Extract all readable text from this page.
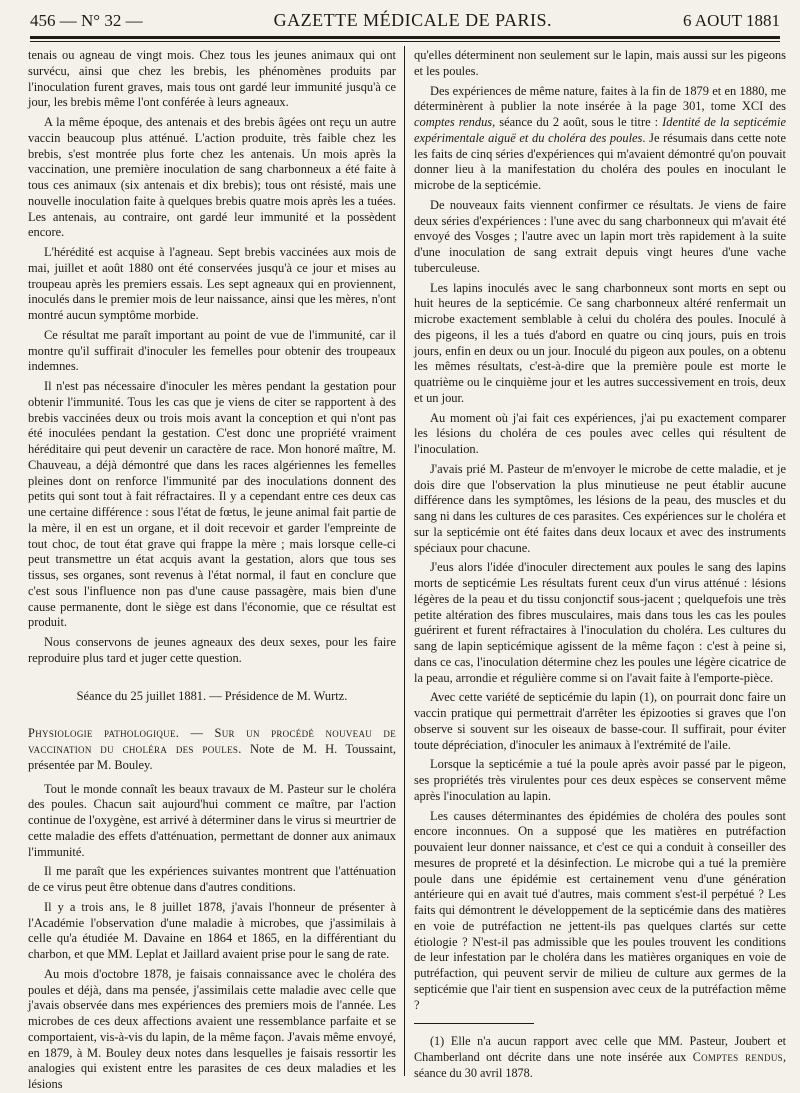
456 — N° 32 —	GAZETTE MÉDICALE DE PARIS.	6 AOUT 1881

tenais ou agneau de vingt mois. Chez tous les jeunes animaux qui ont survécu, ainsi que chez les brebis, les phénomènes produits par l'inoculation furent graves, mais tous ont gardé leur immunité jusqu'à ce jour, les brebis même l'ont conférée à leurs agneaux.

A la même époque, des antenais et des brebis âgées ont reçu un autre vaccin beaucoup plus atténué. L'action produite, très faible chez les brebis, s'est montrée plus forte chez les antenais. Un mois après la vaccination, une première inoculation de sang charbonneux a été faite à tous ces animaux (six antenais et dix brebis); tous ont résisté, mais une nouvelle inoculation faite à quelques brebis quatre mois après les a tuées. Les antenais, au contraire, ont gardé leur immunité et la possèdent encore.

L'hérédité est acquise à l'agneau. Sept brebis vaccinées aux mois de mai, juillet et août 1880 ont été conservées jusqu'à ce jour et mises au troupeau après les premiers essais. Les sept agneaux qui en proviennent, inoculés dans le premier mois de leur naissance, ainsi que les mères, n'ont montré aucun symptôme morbide.

Ce résultat me paraît important au point de vue de l'immunité, car il montre qu'il suffirait d'inoculer les femelles pour obtenir des troupeaux indemnes.

Il n'est pas nécessaire d'inoculer les mères pendant la gestation pour obtenir l'immunité. Tous les cas que je viens de citer se rapportent à des brebis vaccinées deux ou trois mois avant la conception et qui n'ont pas été inoculées pendant la gestation. C'est donc une propriété vraiment héréditaire qui peut devenir un caractère de race. Mon honoré maître, M. Chauveau, a déjà démontré que dans les races algériennes les femelles pleines dont on renforce l'immunité par des inoculations donnent des petits qui sont tout à fait réfractaires. Il y a cependant entre ces deux cas une certaine différence : sous l'état de fœtus, le jeune animal fait partie de la mère, il en est un organe, et il doit recevoir et garder l'empreinte de tout choc, de tout état grave qui frappe la mère ; mais lorsque celle-ci peut transmettre un état acquis avant la gestation, alors que tous ses tissus, ses organes, sont revenus à l'état normal, il faut en conclure que c'est sous l'influence non pas d'une cause passagère, mais bien d'une cause permanente, dont le siège est dans l'économie, que ce résultat est produit.

Nous conservons de jeunes agneaux des deux sexes, pour les faire reproduire plus tard et juger cette question.

Séance du 25 juillet 1881. — Présidence de M. Wurtz.

Physiologie pathologique. — Sur un procédé nouveau de vaccination du choléra des poules. Note de M. H. Toussaint, présentée par M. Bouley.

Tout le monde connaît les beaux travaux de M. Pasteur sur le choléra des poules. Chacun sait aujourd'hui comment ce maître, par l'action continue de l'oxygène, est arrivé à déterminer dans le virus si meurtrier de cette maladie des effets d'atténuation, permettant de donner aux animaux l'immunité.

Il me paraît que les expériences suivantes montrent que l'atténuation de ce virus peut être obtenue dans d'autres conditions.

Il y a trois ans, le 8 juillet 1878, j'avais l'honneur de présenter à l'Académie l'observation d'une maladie à microbes, que j'assimilais à celle qu'a étudiée M. Davaine en 1864 et 1865, en la différentiant du charbon, et que MM. Leplat et Jaillard avaient prise pour le sang de rate.

Au mois d'octobre 1878, je faisais connaissance avec le choléra des poules et déjà, dans ma pensée, j'assimilais cette maladie avec celle que j'avais observée dans mes expériences des premiers mois de l'année. Les microbes de ces deux affections avaient une ressemblance parfaite et se comportaient, vis-à-vis du lapin, de la même façon. J'avais même envoyé, en 1879, à M. Bouley deux notes dans lesquelles je faisais ressortir les analogies qui existent entre les parasites de ces deux maladies et les lésions

qu'elles déterminent non seulement sur le lapin, mais aussi sur les pigeons et les poules.

Des expériences de même nature, faites à la fin de 1879 et en 1880, me déterminèrent à publier la note insérée à la page 301, tome XCI des comptes rendus, séance du 2 août, sous le titre : Identité de la septicémie expérimentale aiguë et du choléra des poules. Je résumais dans cette note les faits de cinq séries d'expériences qui m'avaient démontré qu'on pouvait donner lieu à la manifestation du choléra des poules en inoculant le microbe de la septicémie.

De nouveaux faits viennent confirmer ce résultats. Je viens de faire deux séries d'expériences : l'une avec du sang charbonneux qui m'avait été envoyé des Vosges ; l'autre avec un lapin mort très rapidement à la suite d'une inoculation de sang extrait depuis vingt heures d'une vache tuberculeuse.

Les lapins inoculés avec le sang charbonneux sont morts en sept ou huit heures de la septicémie. Ce sang charbonneux altéré renfermait un microbe exactement semblable à celui du choléra des poules. Inoculé à des pigeons, il les a tués d'abord en quatre ou cinq jours, puis en trois jours, enfin en deux ou un jour. Inoculé du pigeon aux poules, on a obtenu les mêmes résultats, c'est-à-dire que la première poule est morte le quatrième ou le cinquième jour et les autres successivement en trois, deux et un jour.

Au moment où j'ai fait ces expériences, j'ai pu exactement comparer les lésions du choléra de ces poules avec celles qui résultent de l'inoculation.

J'avais prié M. Pasteur de m'envoyer le microbe de cette maladie, et je dois dire que l'observation la plus minutieuse ne peut établir aucune différence dans les symptômes, les lésions de la peau, des muscles et du sang ni dans les cultures de ces parasites. Ces expériences sur le choléra et sur la septicémie ont été faites dans deux locaux et avec des instruments spéciaux pour chacune.

J'eus alors l'idée d'inoculer directement aux poules le sang des lapins morts de septicémie Les résultats furent ceux d'un virus atténué : lésions légères de la peau et du tissu conjonctif sous-jacent ; quelquefois une très petite altération des fibres musculaires, mais dans tous les cas les poules guérirent et furent réfractaires à l'inoculation du choléra. Les cultures du sang de lapin septicémique agissent de la même façon : c'est à peine si, dans ce cas, l'inoculation détermine chez les poules une légère cicatrice de la peau, arrondie et régulière comme si on l'avait faite à l'emporte-pièce.

Avec cette variété de septicémie du lapin (1), on pourrait donc faire un vaccin pratique qui permettrait d'arrêter les épizooties si graves que l'on observe si souvent sur les oiseaux de basse-cour. Il suffirait, pour éviter toute dépréciation, d'inoculer les animaux à l'extrémité de l'aile.

Lorsque la septicémie a tué la poule après avoir passé par le pigeon, ses propriétés très virulentes pour ces deux espèces se conservent même après l'inoculation au lapin.

Les causes déterminantes des épidémies de choléra des poules sont encore inconnues. On a supposé que les matières en putréfaction pouvaient leur donner naissance, et c'est ce qui a conduit à conseiller des mesures de propreté et la désinfection. Le microbe qui a tué la première poule dans une épidémie est certainement venu d'une génération antérieure qui en avait tué d'autres, mais comment s'est-il perpétué ? Les faits qui démontrent le développement de la septicémie dans des matières en voie de putréfaction ne jettent-ils pas quelques clartés sur cette étiologie ? N'est-il pas admissible que les poules trouvent les conditions de leur infestation par le choléra dans les matières organiques en voie de putréfaction, qui peuvent servir de milieu de culture aux germes de la septicémie que l'air tient en suspension avec ceux de la putréfaction même ?

(1) Elle n'a aucun rapport avec celle que MM. Pasteur, Joubert et Chamberland ont décrite dans une note insérée aux Comptes rendus, séance du 30 avril 1878.
